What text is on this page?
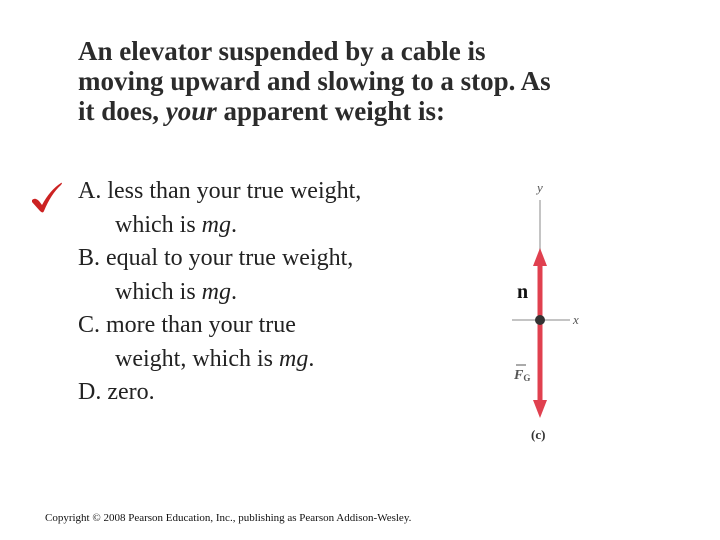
An elevator suspended by a cable is
moving upward and slowing to a stop. As
it does, your apparent weight is:
A. less than your true weight,
which is mg.
B. equal to your true weight,
which is mg.
C. more than your true
weight, which is mg.
D. zero.
y
x
FG
(c)
n
Copyright © 2008 Pearson Education, Inc., publishing as Pearson Addison-Wesley.
